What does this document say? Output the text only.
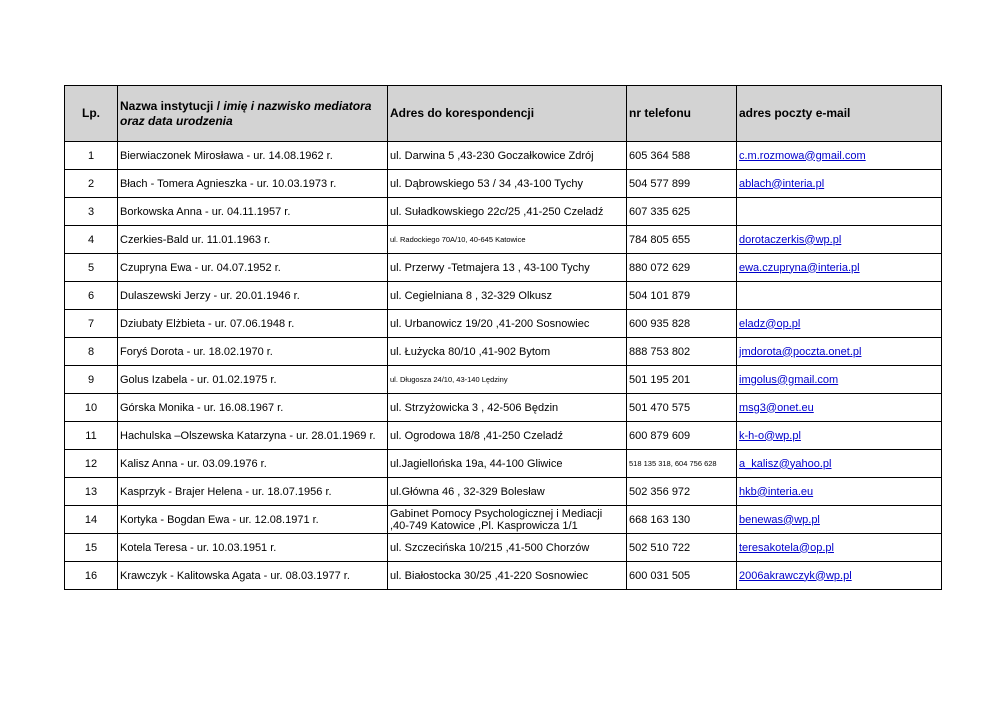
Lp.	Nazwa instytucji / imię i nazwisko mediatora oraz data urodzenia	Adres do korespondencji	nr telefonu	adres poczty e-mail
1	Bierwiaczonek Mirosława - ur. 14.08.1962 r.	ul. Darwina 5 ,43-230 Goczałkowice Zdrój	605 364 588	c.m.rozmowa@gmail.com
2	Błach - Tomera Agnieszka - ur. 10.03.1973 r.	ul. Dąbrowskiego 53 / 34 ,43-100 Tychy	504 577 899	ablach@interia.pl
3	Borkowska Anna - ur. 04.11.1957 r.	ul. Suładkowskiego 22c/25 ,41-250 Czeladź	607 335 625	
4	Czerkies-Bald ur. 11.01.1963 r.	ul. Radockiego 70A/10, 40-645 Katowice	784 805 655	dorotaczerkis@wp.pl
5	Czupryna Ewa - ur. 04.07.1952 r.	ul. Przerwy -Tetmajera 13 , 43-100 Tychy	880 072 629	ewa.czupryna@interia.pl
6	Dulaszewski Jerzy - ur. 20.01.1946 r.	ul. Cegielniana 8 , 32-329 Olkusz	504 101 879	
7	Dziubaty Elżbieta - ur. 07.06.1948 r.	ul. Urbanowicz 19/20 ,41-200 Sosnowiec	600 935 828	eladz@op.pl
8	Foryś Dorota - ur. 18.02.1970 r.	ul. Łużycka 80/10 ,41-902 Bytom	888 753 802	jmdorota@poczta.onet.pl
9	Golus Izabela - ur. 01.02.1975 r.	ul. Długosza 24/10, 43-140 Lędziny	501 195 201	imgolus@gmail.com
10	Górska Monika - ur. 16.08.1967 r.	ul. Strzyżowicka 3 , 42-506 Będzin	501 470 575	msg3@onet.eu
11	Hachulska –Olszewska Katarzyna - ur. 28.01.1969 r.	ul. Ogrodowa 18/8 ,41-250 Czeladź	600 879 609	k-h-o@wp.pl
12	Kalisz Anna - ur. 03.09.1976 r.	ul.Jagiellońska 19a, 44-100 Gliwice	518 135 318, 604 756 628	a_kalisz@yahoo.pl
13	Kasprzyk - Brajer Helena - ur. 18.07.1956 r.	ul.Główna 46 , 32-329 Bolesław	502 356 972	hkb@interia.eu
14	Kortyka - Bogdan Ewa - ur. 12.08.1971 r.	Gabinet Pomocy Psychologicznej i Mediacji ,40-749 Katowice ,Pl. Kasprowicza 1/1	668 163 130	benewas@wp.pl
15	Kotela Teresa - ur. 10.03.1951 r.	ul. Szczecińska 10/215 ,41-500 Chorzów	502 510 722	teresakotela@op.pl
16	Krawczyk - Kalitowska Agata - ur. 08.03.1977 r.	ul. Białostocka 30/25 ,41-220 Sosnowiec	600 031 505	2006akrawczyk@wp.pl
